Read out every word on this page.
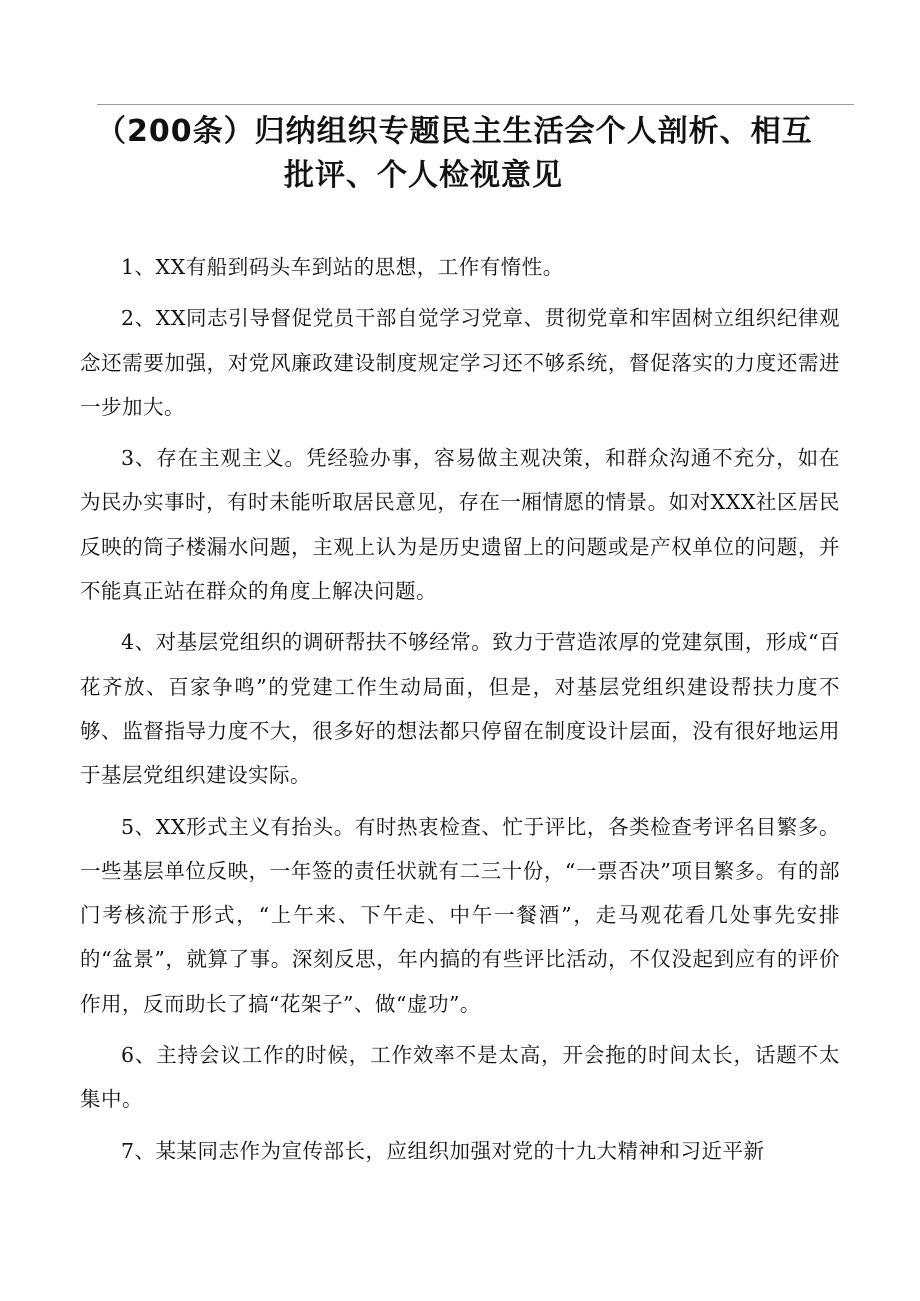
（200条）归纳组织专题民主生活会个人剖析、相互
批评、个人检视意见

1、XX有船到码头车到站的思想，工作有惰性。

2、XX同志引导督促党员干部自觉学习党章、贯彻党章和牢固树立组织纪律观念还需要加强，对党风廉政建设制度规定学习还不够系统，督促落实的力度还需进一步加大。

3、存在主观主义。凭经验办事，容易做主观决策，和群众沟通不充分，如在为民办实事时，有时未能听取居民意见，存在一厢情愿的情景。如对XXX社区居民反映的筒子楼漏水问题，主观上认为是历史遗留上的问题或是产权单位的问题，并不能真正站在群众的角度上解决问题。

4、对基层党组织的调研帮扶不够经常。致力于营造浓厚的党建氛围，形成“百花齐放、百家争鸣”的党建工作生动局面，但是，对基层党组织建设帮扶力度不够、监督指导力度不大，很多好的想法都只停留在制度设计层面，没有很好地运用于基层党组织建设实际。

5、XX形式主义有抬头。有时热衷检查、忙于评比，各类检查考评名目繁多。一些基层单位反映，一年签的责任状就有二三十份，“一票否决”项目繁多。有的部门考核流于形式，“上午来、下午走、中午一餐酒”，走马观花看几处事先安排的“盆景”，就算了事。深刻反思，年内搞的有些评比活动，不仅没起到应有的评价作用，反而助长了搞“花架子”、做“虚功”。

6、主持会议工作的时候，工作效率不是太高，开会拖的时间太长，话题不太集中。

7、某某同志作为宣传部长，应组织加强对党的十九大精神和习近平新
